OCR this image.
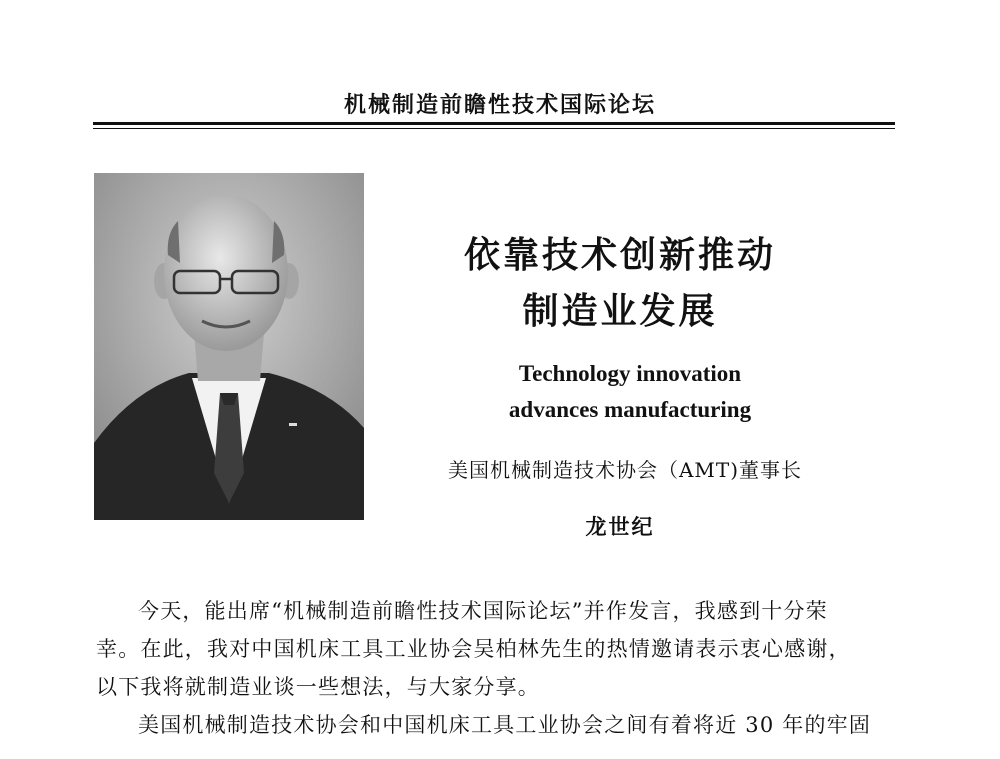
机械制造前瞻性技术国际论坛
依靠技术创新推动
制造业发展
Technology innovation
advances manufacturing
美国机械制造技术协会（AMT)董事长
龙世纪

今天，能出席“机械制造前瞻性技术国际论坛”并作发言，我感到十分荣

幸。在此，我对中国机床工具工业协会吴柏林先生的热情邀请表示衷心感谢，

以下我将就制造业谈一些想法，与大家分享。

美国机械制造技术协会和中国机床工具工业协会之间有着将近 30 年的牢固
